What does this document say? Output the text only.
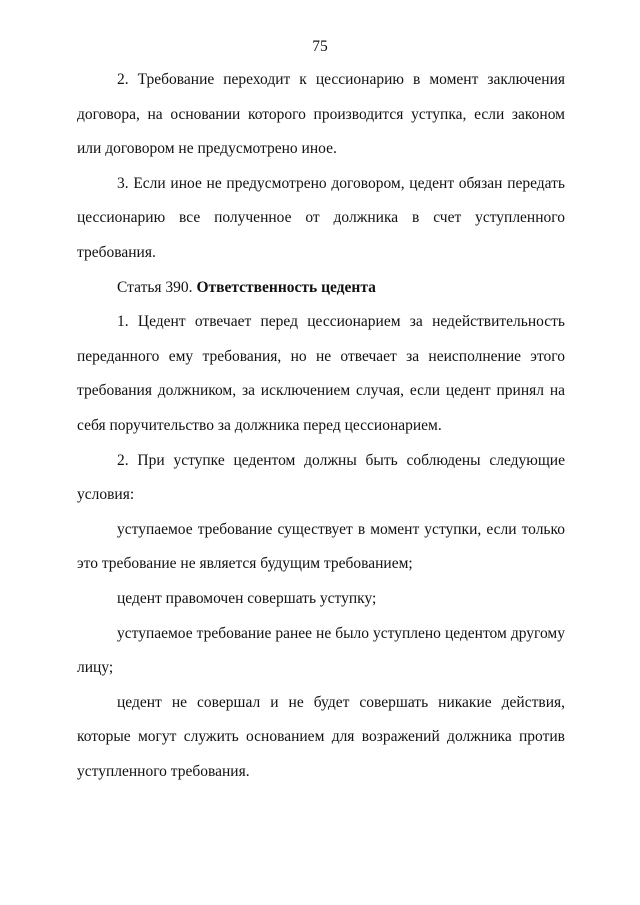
75

2. Требование переходит к цессионарию в момент заключения договора, на основании которого производится уступка, если законом или договором не предусмотрено иное.

3. Если иное не предусмотрено договором, цедент обязан передать цессионарию все полученное от должника в счет уступленного требования.

Статья 390. Ответственность цедента

1. Цедент отвечает перед цессионарием за недействительность переданного ему требования, но не отвечает за неисполнение этого требования должником, за исключением случая, если цедент принял на себя поручительство за должника перед цессионарием.

2. При уступке цедентом должны быть соблюдены следующие условия:

уступаемое требование существует в момент уступки, если только это требование не является будущим требованием;

цедент правомочен совершать уступку;

уступаемое требование ранее не было уступлено цедентом другому лицу;

цедент не совершал и не будет совершать никакие действия, которые могут служить основанием для возражений должника против уступленного требования.
